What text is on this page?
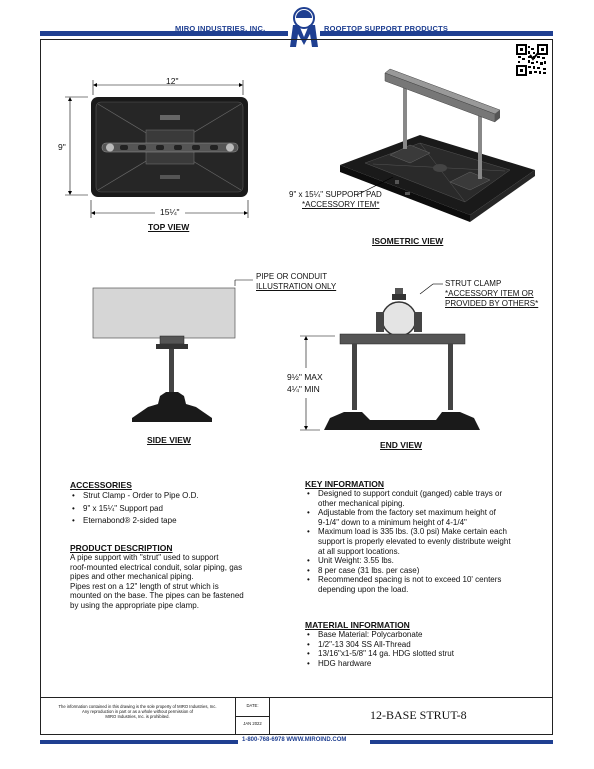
MIRO INDUSTRIES, INC.	ROOFTOP SUPPORT PRODUCTS
12"
9"
15¼"
TOP VIEW
9" x 15¼" SUPPORT PAD
*ACCESSORY ITEM*
ISOMETRIC VIEW
PIPE OR CONDUIT
ILLUSTRATION ONLY
SIDE VIEW
STRUT CLAMP
*ACCESSORY ITEM OR
PROVIDED BY OTHERS*
9½" MAX
4¼" MIN
END VIEW
ACCESSORIES
• Strut Clamp - Order to Pipe O.D.
• 9" x 15¼" Support pad
• Eternabond® 2-sided tape
PRODUCT DESCRIPTION
A pipe support with "strut" used to support
roof-mounted electrical conduit, solar piping, gas
pipes and other mechanical piping.
Pipes rest on a 12" length of strut which is
mounted on the base. The pipes can be fastened
by using the appropriate pipe clamp.
KEY INFORMATION
• Designed to support conduit (ganged) cable trays or
other mechanical piping.
• Adjustable from the factory set maximum height of
9-1/4" down to a minimum height of 4-1/4"
• Maximum load is 335 lbs. (3.0 psi) Make certain each
support is properly elevated to evenly distribute weight
at all support locations.
• Unit Weight: 3.55 lbs.
• 8 per case (31 lbs. per case)
• Recommended spacing is not to exceed 10' centers
depending upon the load.
MATERIAL INFORMATION
• Base Material: Polycarbonate
• 1/2"-13 304 SS All-Thread
• 13/16"x1-5/8" 14 ga. HDG slotted strut
• HDG hardware
The information contained in this drawing is the sole property of MIRO Industries, Inc.
Any reproduction in part or as a whole without permission of
MIRO Industries, Inc. is prohibited.
DATE:
JAN 2022
12-BASE STRUT-8
1-800-768-6978 WWW.MIROIND.COM
